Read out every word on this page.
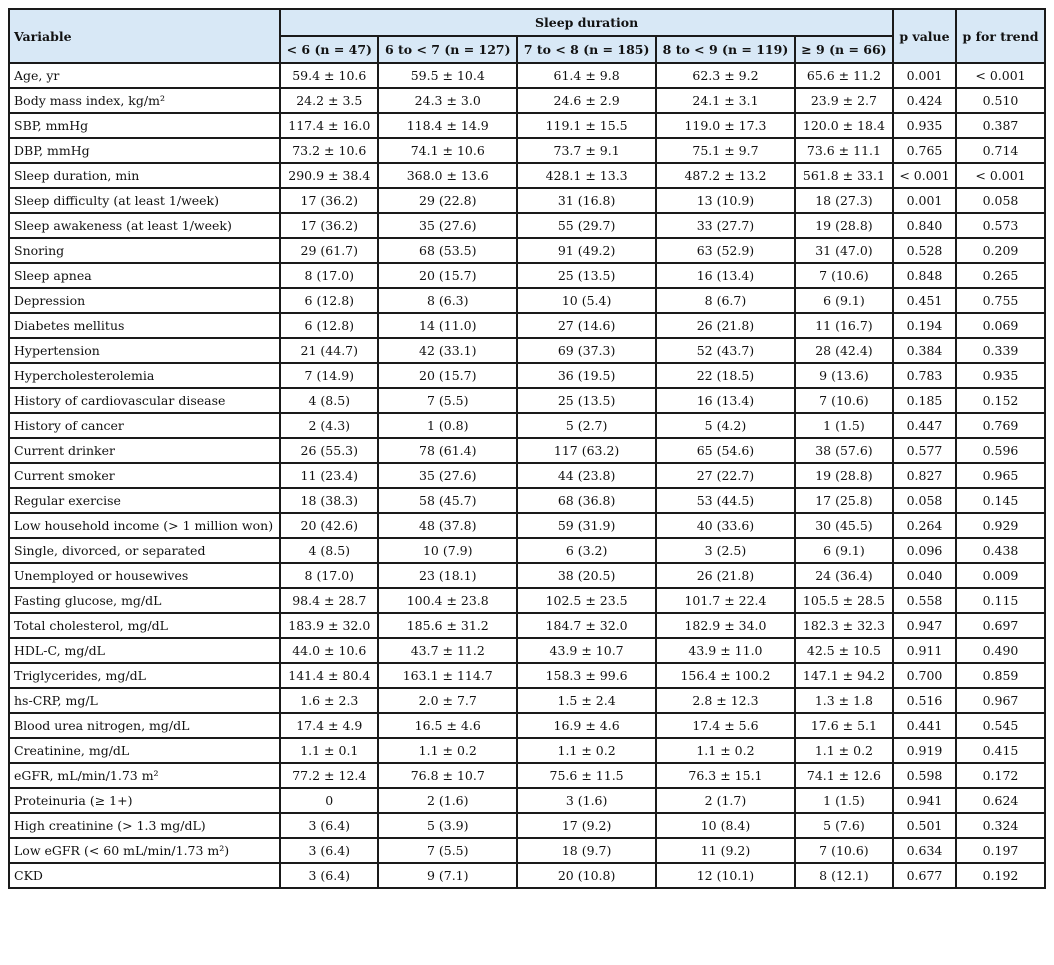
Variable	Sleep duration					p value	p for trend
	< 6 (n = 47)	6 to < 7 (n = 127)	7 to < 8 (n = 185)	8 to < 9 (n = 119)	≥ 9 (n = 66)		
Age, yr	59.4 ± 10.6	59.5 ± 10.4	61.4 ± 9.8	62.3 ± 9.2	65.6 ± 11.2	0.001	< 0.001
Body mass index, kg/m²	24.2 ± 3.5	24.3 ± 3.0	24.6 ± 2.9	24.1 ± 3.1	23.9 ± 2.7	0.424	0.510
SBP, mmHg	117.4 ± 16.0	118.4 ± 14.9	119.1 ± 15.5	119.0 ± 17.3	120.0 ± 18.4	0.935	0.387
DBP, mmHg	73.2 ± 10.6	74.1 ± 10.6	73.7 ± 9.1	75.1 ± 9.7	73.6 ± 11.1	0.765	0.714
Sleep duration, min	290.9 ± 38.4	368.0 ± 13.6	428.1 ± 13.3	487.2 ± 13.2	561.8 ± 33.1	< 0.001	< 0.001
Sleep difficulty (at least 1/week)	17 (36.2)	29 (22.8)	31 (16.8)	13 (10.9)	18 (27.3)	0.001	0.058
Sleep awakeness (at least 1/week)	17 (36.2)	35 (27.6)	55 (29.7)	33 (27.7)	19 (28.8)	0.840	0.573
Snoring	29 (61.7)	68 (53.5)	91 (49.2)	63 (52.9)	31 (47.0)	0.528	0.209
Sleep apnea	8 (17.0)	20 (15.7)	25 (13.5)	16 (13.4)	7 (10.6)	0.848	0.265
Depression	6 (12.8)	8 (6.3)	10 (5.4)	8 (6.7)	6 (9.1)	0.451	0.755
Diabetes mellitus	6 (12.8)	14 (11.0)	27 (14.6)	26 (21.8)	11 (16.7)	0.194	0.069
Hypertension	21 (44.7)	42 (33.1)	69 (37.3)	52 (43.7)	28 (42.4)	0.384	0.339
Hypercholesterolemia	7 (14.9)	20 (15.7)	36 (19.5)	22 (18.5)	9 (13.6)	0.783	0.935
History of cardiovascular disease	4 (8.5)	7 (5.5)	25 (13.5)	16 (13.4)	7 (10.6)	0.185	0.152
History of cancer	2 (4.3)	1 (0.8)	5 (2.7)	5 (4.2)	1 (1.5)	0.447	0.769
Current drinker	26 (55.3)	78 (61.4)	117 (63.2)	65 (54.6)	38 (57.6)	0.577	0.596
Current smoker	11 (23.4)	35 (27.6)	44 (23.8)	27 (22.7)	19 (28.8)	0.827	0.965
Regular exercise	18 (38.3)	58 (45.7)	68 (36.8)	53 (44.5)	17 (25.8)	0.058	0.145
Low household income (> 1 million won)	20 (42.6)	48 (37.8)	59 (31.9)	40 (33.6)	30 (45.5)	0.264	0.929
Single, divorced, or separated	4 (8.5)	10 (7.9)	6 (3.2)	3 (2.5)	6 (9.1)	0.096	0.438
Unemployed or housewives	8 (17.0)	23 (18.1)	38 (20.5)	26 (21.8)	24 (36.4)	0.040	0.009
Fasting glucose, mg/dL	98.4 ± 28.7	100.4 ± 23.8	102.5 ± 23.5	101.7 ± 22.4	105.5 ± 28.5	0.558	0.115
Total cholesterol, mg/dL	183.9 ± 32.0	185.6 ± 31.2	184.7 ± 32.0	182.9 ± 34.0	182.3 ± 32.3	0.947	0.697
HDL-C, mg/dL	44.0 ± 10.6	43.7 ± 11.2	43.9 ± 10.7	43.9 ± 11.0	42.5 ± 10.5	0.911	0.490
Triglycerides, mg/dL	141.4 ± 80.4	163.1 ± 114.7	158.3 ± 99.6	156.4 ± 100.2	147.1 ± 94.2	0.700	0.859
hs-CRP, mg/L	1.6 ± 2.3	2.0 ± 7.7	1.5 ± 2.4	2.8 ± 12.3	1.3 ± 1.8	0.516	0.967
Blood urea nitrogen, mg/dL	17.4 ± 4.9	16.5 ± 4.6	16.9 ± 4.6	17.4 ± 5.6	17.6 ± 5.1	0.441	0.545
Creatinine, mg/dL	1.1 ± 0.1	1.1 ± 0.2	1.1 ± 0.2	1.1 ± 0.2	1.1 ± 0.2	0.919	0.415
eGFR, mL/min/1.73 m²	77.2 ± 12.4	76.8 ± 10.7	75.6 ± 11.5	76.3 ± 15.1	74.1 ± 12.6	0.598	0.172
Proteinuria (≥ 1+)	0	2 (1.6)	3 (1.6)	2 (1.7)	1 (1.5)	0.941	0.624
High creatinine (> 1.3 mg/dL)	3 (6.4)	5 (3.9)	17 (9.2)	10 (8.4)	5 (7.6)	0.501	0.324
Low eGFR (< 60 mL/min/1.73 m²)	3 (6.4)	7 (5.5)	18 (9.7)	11 (9.2)	7 (10.6)	0.634	0.197
CKD	3 (6.4)	9 (7.1)	20 (10.8)	12 (10.1)	8 (12.1)	0.677	0.192
